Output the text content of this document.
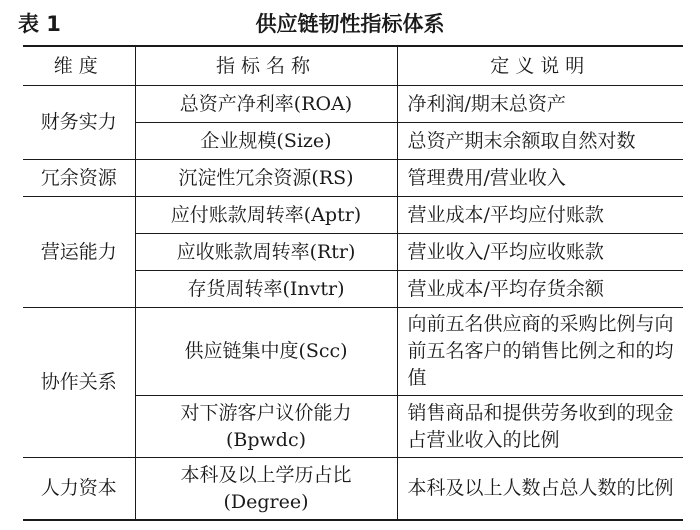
表 1	供应链韧性指标体系
维度	指标名称	定义说明
财务实力	总资产净利率(ROA)	净利润/期末总资产
	企业规模(Size)	总资产期末余额取自然对数
冗余资源	沉淀性冗余资源(RS)	管理费用/营业收入
营运能力	应付账款周转率(Aptr)	营业成本/平均应付账款
	应收账款周转率(Rtr)	营业收入/平均应收账款
	存货周转率(Invtr)	营业成本/平均存货余额
协作关系	供应链集中度(Scc)	向前五名供应商的采购比例与向前五名客户的销售比例之和的均值
	对下游客户议价能力(Bpwdc)	销售商品和提供劳务收到的现金占营业收入的比例
人力资本	本科及以上学历占比(Degree)	本科及以上人数占总人数的比例
